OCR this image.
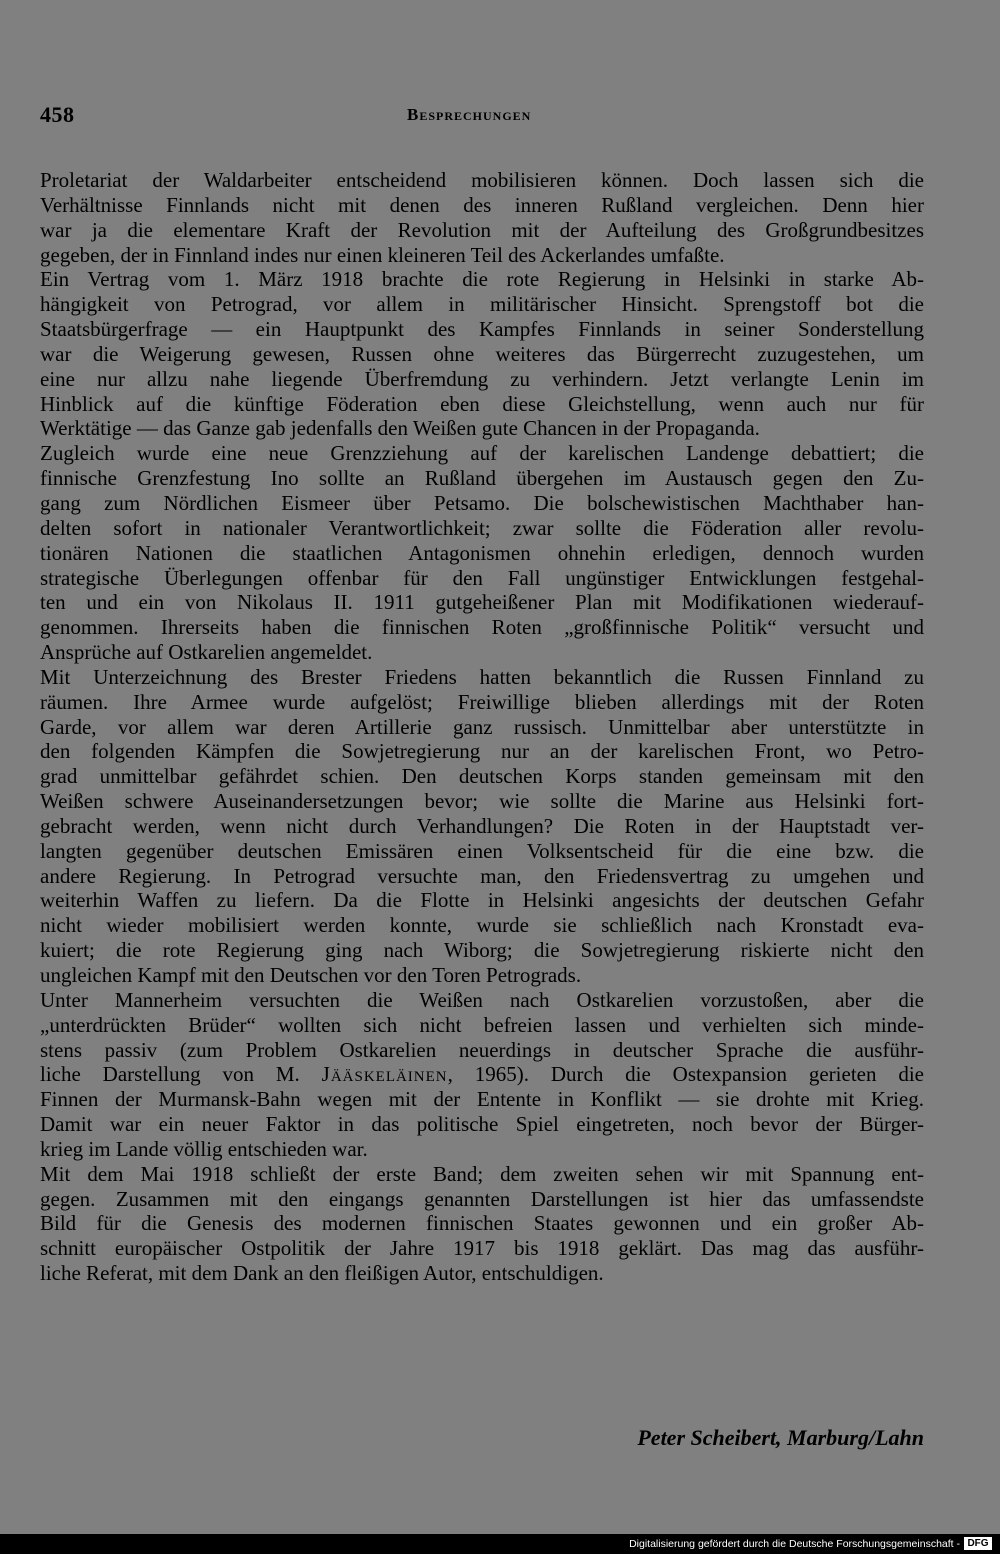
458	Besprechungen
Proletariat der Waldarbeiter entscheidend mobilisieren können. Doch lassen sich die
Verhältnisse Finnlands nicht mit denen des inneren Rußland vergleichen. Denn hier
war ja die elementare Kraft der Revolution mit der Aufteilung des Großgrundbesitzes
gegeben, der in Finnland indes nur einen kleineren Teil des Ackerlandes umfaßte.
Ein Vertrag vom 1. März 1918 brachte die rote Regierung in Helsinki in starke Ab-
hängigkeit von Petrograd, vor allem in militärischer Hinsicht. Sprengstoff bot die
Staatsbürgerfrage — ein Hauptpunkt des Kampfes Finnlands in seiner Sonderstellung
war die Weigerung gewesen, Russen ohne weiteres das Bürgerrecht zuzugestehen, um
eine nur allzu nahe liegende Überfremdung zu verhindern. Jetzt verlangte Lenin im
Hinblick auf die künftige Föderation eben diese Gleichstellung, wenn auch nur für
Werktätige — das Ganze gab jedenfalls den Weißen gute Chancen in der Propaganda.
Zugleich wurde eine neue Grenzziehung auf der karelischen Landenge debattiert; die
finnische Grenzfestung Ino sollte an Rußland übergehen im Austausch gegen den Zu-
gang zum Nördlichen Eismeer über Petsamo. Die bolschewistischen Machthaber han-
delten sofort in nationaler Verantwortlichkeit; zwar sollte die Föderation aller revolu-
tionären Nationen die staatlichen Antagonismen ohnehin erledigen, dennoch wurden
strategische Überlegungen offenbar für den Fall ungünstiger Entwicklungen festgehal-
ten und ein von Nikolaus II. 1911 gutgeheißener Plan mit Modifikationen wiederauf-
genommen. Ihrerseits haben die finnischen Roten „großfinnische Politik“ versucht und
Ansprüche auf Ostkarelien angemeldet.
Mit Unterzeichnung des Brester Friedens hatten bekanntlich die Russen Finnland zu
räumen. Ihre Armee wurde aufgelöst; Freiwillige blieben allerdings mit der Roten
Garde, vor allem war deren Artillerie ganz russisch. Unmittelbar aber unterstützte in
den folgenden Kämpfen die Sowjetregierung nur an der karelischen Front, wo Petro-
grad unmittelbar gefährdet schien. Den deutschen Korps standen gemeinsam mit den
Weißen schwere Auseinandersetzungen bevor; wie sollte die Marine aus Helsinki fort-
gebracht werden, wenn nicht durch Verhandlungen? Die Roten in der Hauptstadt ver-
langten gegenüber deutschen Emissären einen Volksentscheid für die eine bzw. die
andere Regierung. In Petrograd versuchte man, den Friedensvertrag zu umgehen und
weiterhin Waffen zu liefern. Da die Flotte in Helsinki angesichts der deutschen Gefahr
nicht wieder mobilisiert werden konnte, wurde sie schließlich nach Kronstadt eva-
kuiert; die rote Regierung ging nach Wiborg; die Sowjetregierung riskierte nicht den
ungleichen Kampf mit den Deutschen vor den Toren Petrograds.
Unter Mannerheim versuchten die Weißen nach Ostkarelien vorzustoßen, aber die
„unterdrückten Brüder“ wollten sich nicht befreien lassen und verhielten sich minde-
stens passiv (zum Problem Ostkarelien neuerdings in deutscher Sprache die ausführ-
liche Darstellung von M. Jääskeläinen, 1965). Durch die Ostexpansion gerieten die
Finnen der Murmansk-Bahn wegen mit der Entente in Konflikt — sie drohte mit Krieg.
Damit war ein neuer Faktor in das politische Spiel eingetreten, noch bevor der Bürger-
krieg im Lande völlig entschieden war.
Mit dem Mai 1918 schließt der erste Band; dem zweiten sehen wir mit Spannung ent-
gegen. Zusammen mit den eingangs genannten Darstellungen ist hier das umfassendste
Bild für die Genesis des modernen finnischen Staates gewonnen und ein großer Ab-
schnitt europäischer Ostpolitik der Jahre 1917 bis 1918 geklärt. Das mag das ausführ-
liche Referat, mit dem Dank an den fleißigen Autor, entschuldigen.
Peter Scheibert, Marburg/Lahn
Digitalisierung gefördert durch die Deutsche Forschungsgemeinschaft - DFG
